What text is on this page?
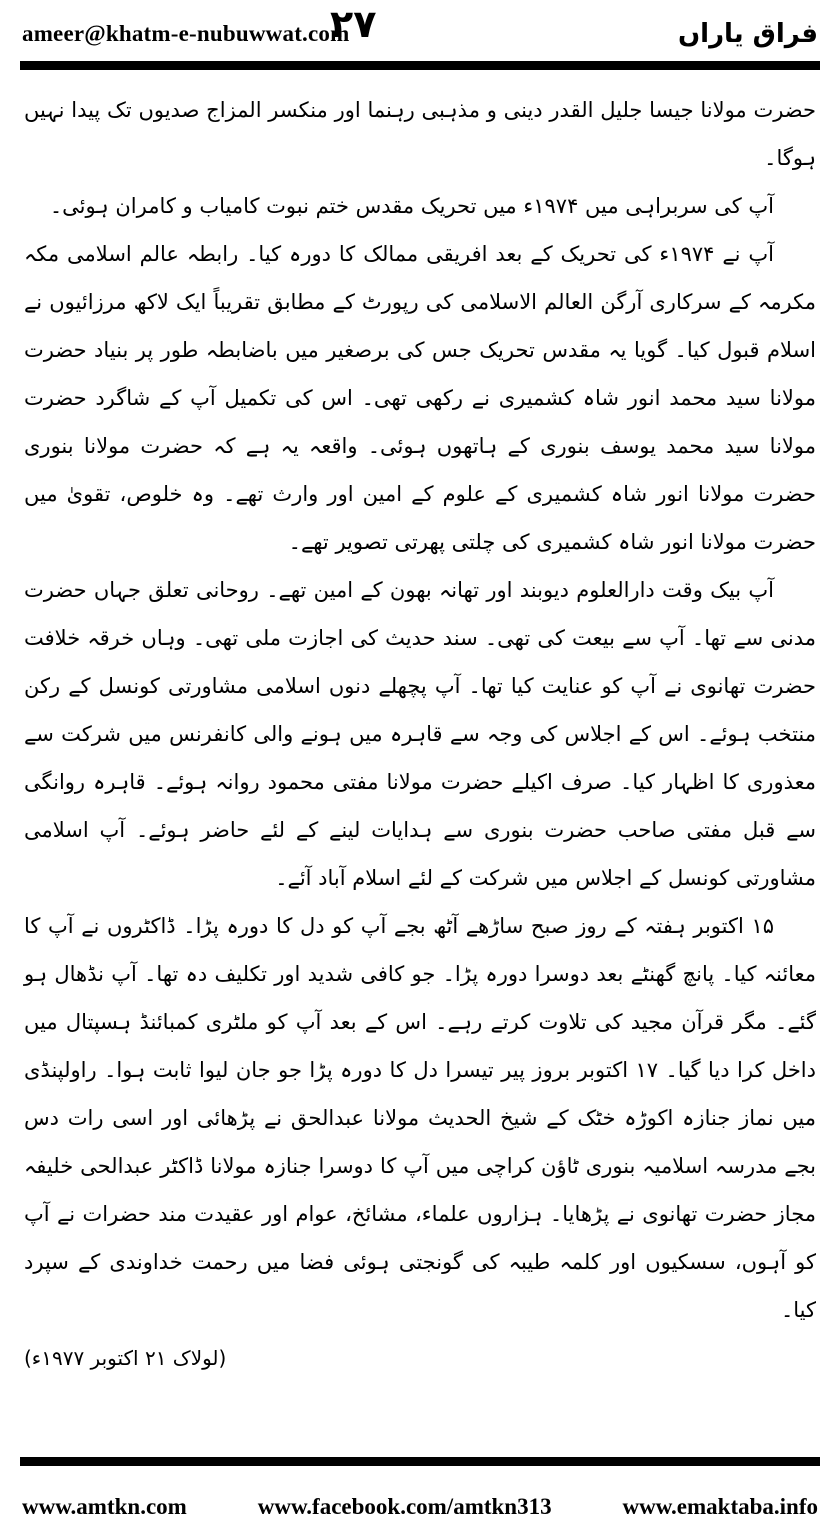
ameer@khatm-e-nubuwwat.com
۲۷	فراق یاراں

حضرت مولانا جیسا جلیل القدر دینی و مذہبی رہنما اور منکسر المزاج صدیوں تک پیدا نہیں ہوگا۔

آپ کی سربراہی میں ۱۹۷۴ء میں تحریک مقدس ختم نبوت کامیاب و کامران ہوئی۔

آپ نے ۱۹۷۴ء کی تحریک کے بعد افریقی ممالک کا دورہ کیا۔ رابطہ عالم اسلامی مکہ مکرمہ کے سرکاری آرگن العالم الاسلامی کی رپورٹ کے مطابق تقریباً ایک لاکھ مرزائیوں نے اسلام قبول کیا۔ گویا یہ مقدس تحریک جس کی برصغیر میں باضابطہ طور پر بنیاد حضرت مولانا سید محمد انور شاہ کشمیری نے رکھی تھی۔ اس کی تکمیل آپ کے شاگرد حضرت مولانا سید محمد یوسف بنوری کے ہاتھوں ہوئی۔ واقعہ یہ ہے کہ حضرت مولانا بنوری حضرت مولانا انور شاہ کشمیری کے علوم کے امین اور وارث تھے۔ وہ خلوص، تقویٰ میں حضرت مولانا انور شاہ کشمیری کی چلتی پھرتی تصویر تھے۔

آپ بیک وقت دارالعلوم دیوبند اور تھانہ بھون کے امین تھے۔ روحانی تعلق جہاں حضرت مدنی سے تھا۔ آپ سے بیعت کی تھی۔ سند حدیث کی اجازت ملی تھی۔ وہاں خرقہ خلافت حضرت تھانوی نے آپ کو عنایت کیا تھا۔ آپ پچھلے دنوں اسلامی مشاورتی کونسل کے رکن منتخب ہوئے۔ اس کے اجلاس کی وجہ سے قاہرہ میں ہونے والی کانفرنس میں شرکت سے معذوری کا اظہار کیا۔ صرف اکیلے حضرت مولانا مفتی محمود روانہ ہوئے۔ قاہرہ روانگی سے قبل مفتی صاحب حضرت بنوری سے ہدایات لینے کے لئے حاضر ہوئے۔ آپ اسلامی مشاورتی کونسل کے اجلاس میں شرکت کے لئے اسلام آباد آئے۔

۱۵ اکتوبر ہفتہ کے روز صبح ساڑھے آٹھ بجے آپ کو دل کا دورہ پڑا۔ ڈاکٹروں نے آپ کا معائنہ کیا۔ پانچ گھنٹے بعد دوسرا دورہ پڑا۔ جو کافی شدید اور تکلیف دہ تھا۔ آپ نڈھال ہو گئے۔ مگر قرآن مجید کی تلاوت کرتے رہے۔ اس کے بعد آپ کو ملٹری کمبائنڈ ہسپتال میں داخل کرا دیا گیا۔ ۱۷ اکتوبر بروز پیر تیسرا دل کا دورہ پڑا جو جان لیوا ثابت ہوا۔ راولپنڈی میں نماز جنازہ اکوڑہ خٹک کے شیخ الحدیث مولانا عبدالحق نے پڑھائی اور اسی رات دس بجے مدرسہ اسلامیہ بنوری ٹاؤن کراچی میں آپ کا دوسرا جنازہ مولانا ڈاکٹر عبدالحی خلیفہ مجاز حضرت تھانوی نے پڑھایا۔ ہزاروں علماء، مشائخ، عوام اور عقیدت مند حضرات نے آپ کو آہوں، سسکیوں اور کلمہ طیبہ کی گونجتی ہوئی فضا میں رحمت خداوندی کے سپرد کیا۔

(لولاک ۲۱ اکتوبر ۱۹۷۷ء)
www.amtkn.com	www.facebook.com/amtkn313	www.emaktaba.info
